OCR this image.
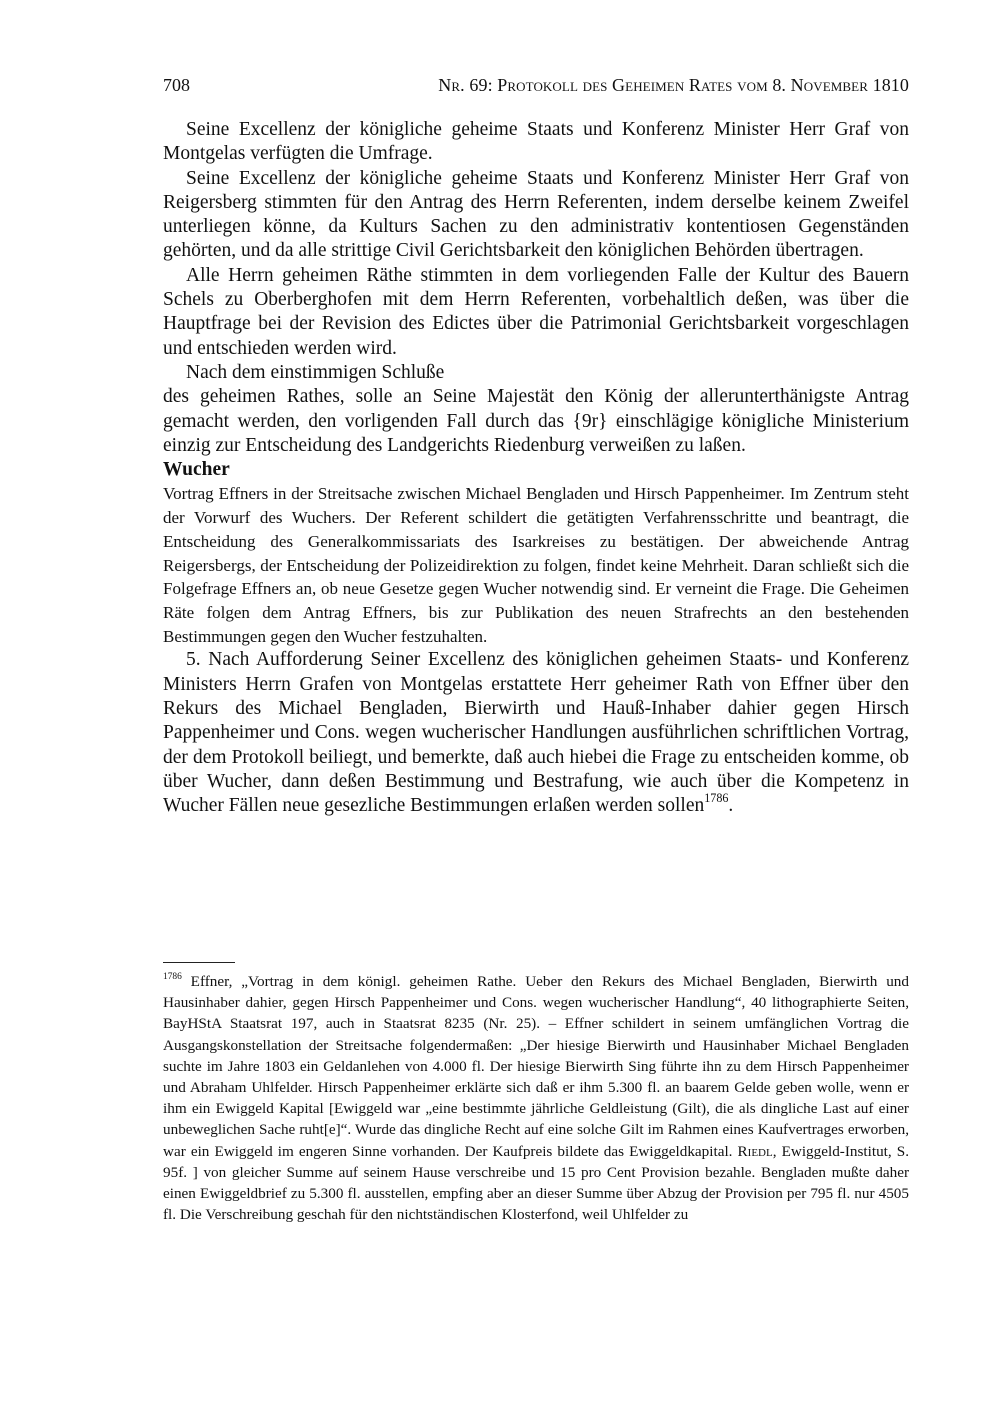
708	Nr. 69: Protokoll des Geheimen Rates vom 8. November 1810

Seine Excellenz der königliche geheime Staats und Konferenz Minister Herr Graf von Montgelas verfügten die Umfrage.

Seine Excellenz der königliche geheime Staats und Konferenz Minister Herr Graf von Reigersberg stimmten für den Antrag des Herrn Referenten, indem derselbe keinem Zweifel unterliegen könne, da Kulturs Sachen zu den administrativ kontentiosen Gegenständen gehörten, und da alle strittige Civil Gerichtsbarkeit den königlichen Behörden übertragen.

Alle Herrn geheimen Räthe stimmten in dem vorliegenden Falle der Kultur des Bauern Schels zu Oberberghofen mit dem Herrn Referenten, vorbehaltlich deßen, was über die Hauptfrage bei der Revision des Edictes über die Patrimonial Gerichtsbarkeit vorgeschlagen und entschieden werden wird.

Nach dem einstimmigen Schluße

des geheimen Rathes, solle an Seine Majestät den König der allerunterthänigste Antrag gemacht werden, den vorligenden Fall durch das {9r} einschlägige königliche Ministerium einzig zur Entscheidung des Landgerichts Riedenburg verweißen zu laßen.

Wucher

Vortrag Effners in der Streitsache zwischen Michael Bengladen und Hirsch Pappenheimer. Im Zentrum steht der Vorwurf des Wuchers. Der Referent schildert die getätigten Verfahrensschritte und beantragt, die Entscheidung des Generalkommissariats des Isarkreises zu bestätigen. Der abweichende Antrag Reigersbergs, der Entscheidung der Polizeidirektion zu folgen, findet keine Mehrheit. Daran schließt sich die Folgefrage Effners an, ob neue Gesetze gegen Wucher notwendig sind. Er verneint die Frage. Die Geheimen Räte folgen dem Antrag Effners, bis zur Publikation des neuen Strafrechts an den bestehenden Bestimmungen gegen den Wucher festzuhalten.

5. Nach Aufforderung Seiner Excellenz des königlichen geheimen Staats- und Konferenz Ministers Herrn Grafen von Montgelas erstattete Herr geheimer Rath von Effner über den Rekurs des Michael Bengladen, Bierwirth und Hauß-Inhaber dahier gegen Hirsch Pappenheimer und Cons. wegen wucherischer Handlungen ausführlichen schriftlichen Vortrag, der dem Protokoll beiliegt, und bemerkte, daß auch hiebei die Frage zu entscheiden komme, ob über Wucher, dann deßen Bestimmung und Bestrafung, wie auch über die Kompetenz in Wucher Fällen neue gesezliche Bestimmungen erlaßen werden sollen$^{1786}$.

$^{1786}$ Effner, „Vortrag in dem königl. geheimen Rathe. Ueber den Rekurs des Michael Bengladen, Bierwirth und Hausinhaber dahier, gegen Hirsch Pappenheimer und Cons. wegen wucherischer Handlung“, 40 lithographierte Seiten, BayHStA Staatsrat 197, auch in Staatsrat 8235 (Nr. 25). – Effner schildert in seinem umfänglichen Vortrag die Ausgangskonstellation der Streitsache folgendermaßen: „Der hiesige Bierwirth und Hausinhaber Michael Bengladen suchte im Jahre 1803 ein Geldanlehen von 4.000 fl. Der hiesige Bierwirth Sing führte ihn zu dem Hirsch Pappenheimer und Abraham Uhlfelder. Hirsch Pappenheimer erklärte sich daß er ihm 5.300 fl. an baarem Gelde geben wolle, wenn er ihm ein Ewiggeld Kapital [Ewiggeld war „eine bestimmte jährliche Geldleistung (Gilt), die als dingliche Last auf einer unbeweglichen Sache ruht[e]“. Wurde das dingliche Recht auf eine solche Gilt im Rahmen eines Kaufvertrages erworben, war ein Ewiggeld im engeren Sinne vorhanden. Der Kaufpreis bildete das Ewiggeldkapital. Riedl, Ewiggeld-Institut, S. 95f. ] von gleicher Summe auf seinem Hause verschreibe und 15 pro Cent Provision bezahle. Bengladen mußte daher einen Ewiggeldbrief zu 5.300 fl. ausstellen, empfing aber an dieser Summe über Abzug der Provision per 795 fl. nur 4505 fl. Die Verschreibung geschah für den nichtständischen Klosterfond, weil Uhlfelder zu
